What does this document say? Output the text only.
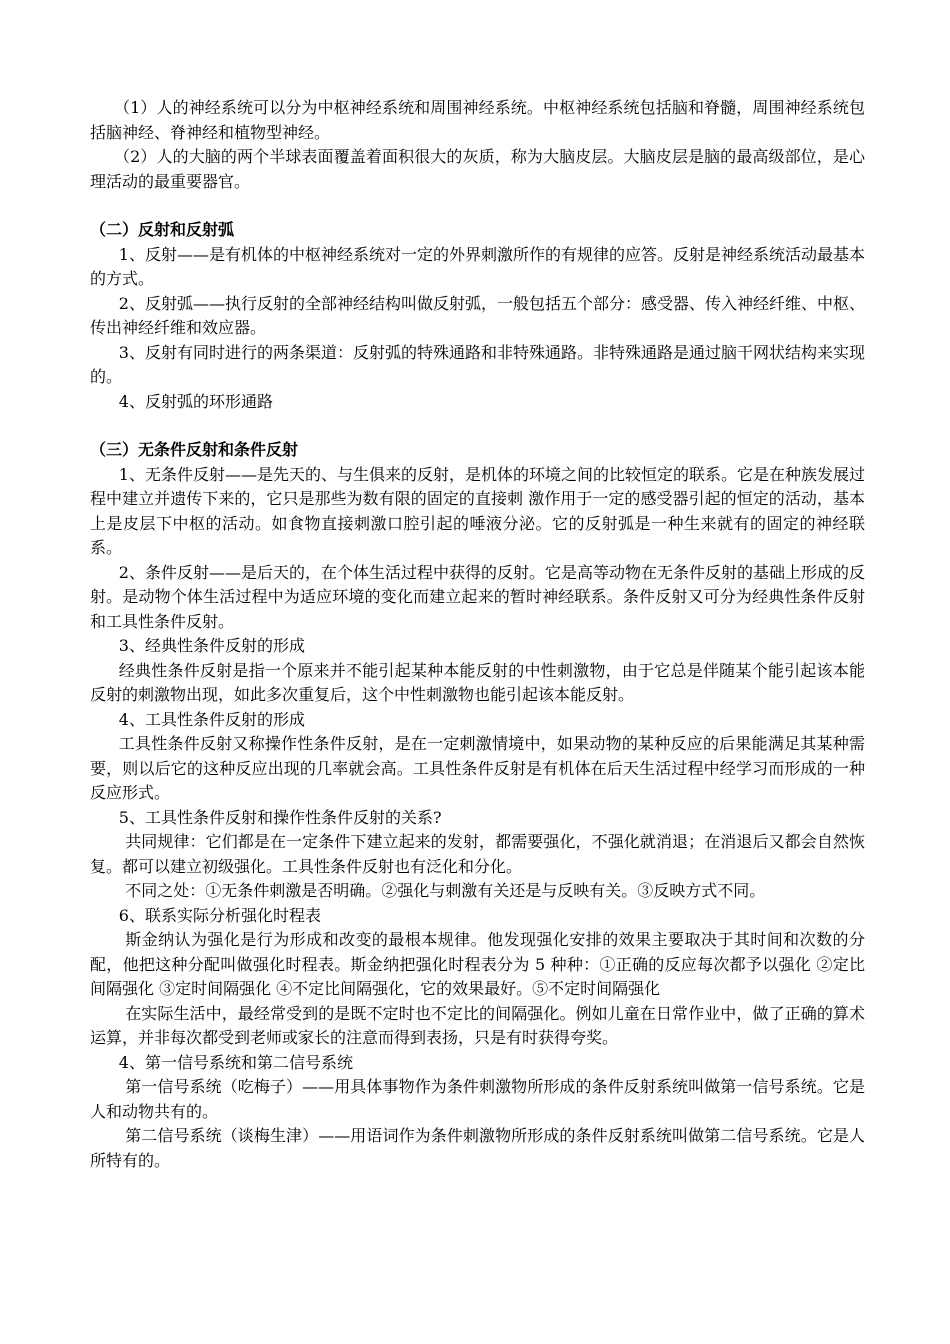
（1）人的神经系统可以分为中枢神经系统和周围神经系统。中枢神经系统包括脑和脊髓，周围神经系统包括脑神经、脊神经和植物型神经。

（2）人的大脑的两个半球表面覆盖着面积很大的灰质，称为大脑皮层。大脑皮层是脑的最高级部位，是心理活动的最重要器官。

（二）反射和反射弧

1、反射——是有机体的中枢神经系统对一定的外界刺激所作的有规律的应答。反射是神经系统活动最基本的方式。

2、反射弧——执行反射的全部神经结构叫做反射弧，一般包括五个部分：感受器、传入神经纤维、中枢、传出神经纤维和效应器。

3、反射有同时进行的两条渠道：反射弧的特殊通路和非特殊通路。非特殊通路是通过脑干网状结构来实现的。

4、反射弧的环形通路

（三）无条件反射和条件反射

1、无条件反射——是先天的、与生俱来的反射，是机体的环境之间的比较恒定的联系。它是在种族发展过程中建立并遗传下来的，它只是那些为数有限的固定的直接刺 激作用于一定的感受器引起的恒定的活动，基本上是皮层下中枢的活动。如食物直接刺激口腔引起的唾液分泌。它的反射弧是一种生来就有的固定的神经联系。

2、条件反射——是后天的，在个体生活过程中获得的反射。它是高等动物在无条件反射的基础上形成的反射。是动物个体生活过程中为适应环境的变化而建立起来的暂时神经联系。条件反射又可分为经典性条件反射和工具性条件反射。

3、经典性条件反射的形成

经典性条件反射是指一个原来并不能引起某种本能反射的中性刺激物，由于它总是伴随某个能引起该本能反射的刺激物出现，如此多次重复后，这个中性刺激物也能引起该本能反射。

4、工具性条件反射的形成

工具性条件反射又称操作性条件反射，是在一定刺激情境中，如果动物的某种反应的后果能满足其某种需要，则以后它的这种反应出现的几率就会高。工具性条件反射是有机体在后天生活过程中经学习而形成的一种反应形式。

5、工具性条件反射和操作性条件反射的关系?

共同规律：它们都是在一定条件下建立起来的发射，都需要强化，不强化就消退；在消退后又都会自然恢复。都可以建立初级强化。工具性条件反射也有泛化和分化。

不同之处：①无条件刺激是否明确。②强化与刺激有关还是与反映有关。③反映方式不同。

6、联系实际分析强化时程表

斯金纳认为强化是行为形成和改变的最根本规律。他发现强化安排的效果主要取决于其时间和次数的分配，他把这种分配叫做强化时程表。斯金纳把强化时程表分为 5 种种：①正确的反应每次都予以强化 ②定比间隔强化 ③定时间隔强化 ④不定比间隔强化，它的效果最好。⑤不定时间隔强化

在实际生活中，最经常受到的是既不定时也不定比的间隔强化。例如儿童在日常作业中，做了正确的算术运算，并非每次都受到老师或家长的注意而得到表扬，只是有时获得夸奖。

4、第一信号系统和第二信号系统

第一信号系统（吃梅子）——用具体事物作为条件刺激物所形成的条件反射系统叫做第一信号系统。它是人和动物共有的。

第二信号系统（谈梅生津）——用语词作为条件刺激物所形成的条件反射系统叫做第二信号系统。它是人所特有的。
